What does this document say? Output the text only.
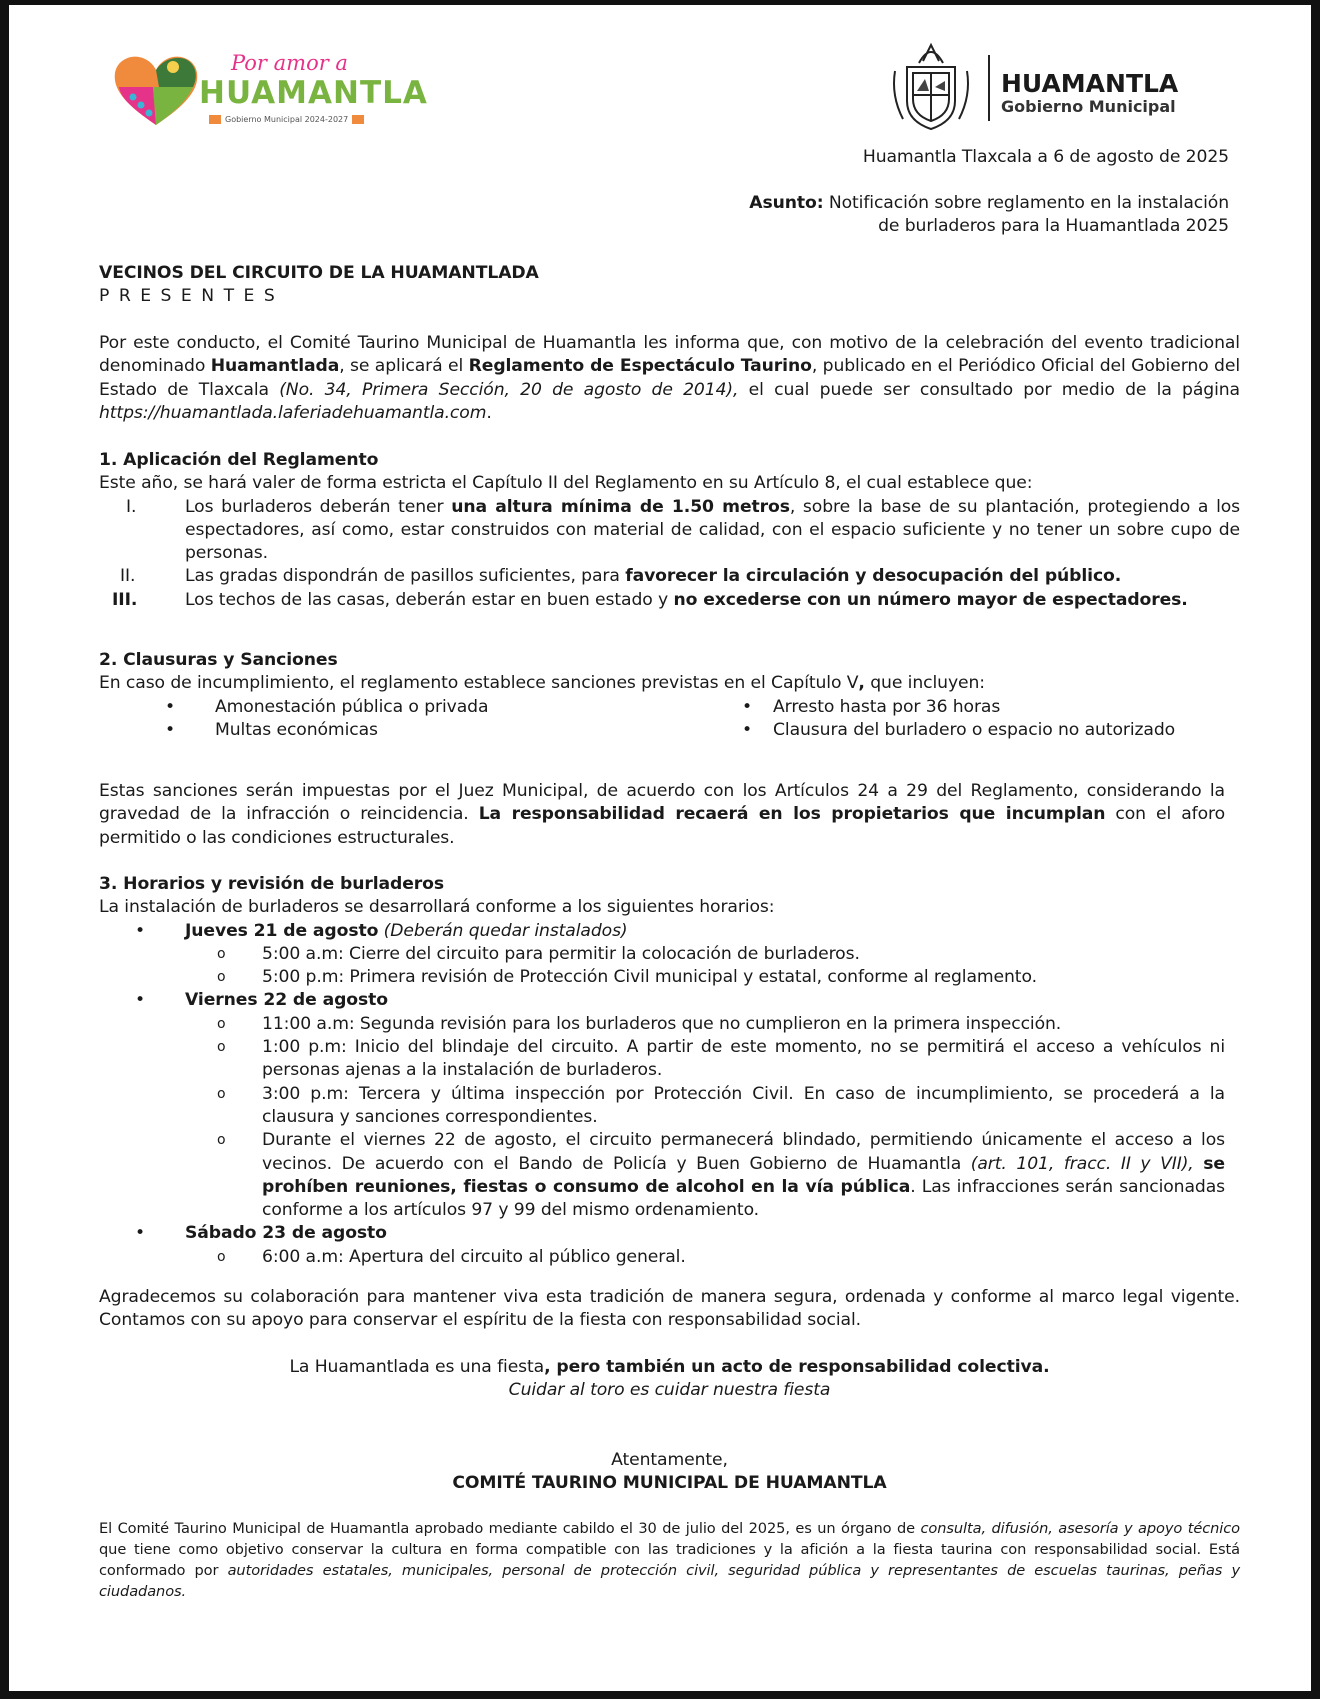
Por amor a
HUAMANTLA
Gobierno Municipal 2024-2027
HUAMANTLA
Gobierno Municipal
Huamantla Tlaxcala a 6 de agosto de 2025
Asunto: Notificación sobre reglamento en la instalación
de burladeros para la Huamantlada 2025
VECINOS DEL CIRCUITO DE LA HUAMANTLADA
P R E S E N T E S
Por este conducto, el Comité Taurino Municipal de Huamantla les informa que, con motivo de la celebración del evento tradicional denominado Huamantlada, se aplicará el Reglamento de Espectáculo Taurino, publicado en el Periódico Oficial del Gobierno del Estado de Tlaxcala (No. 34, Primera Sección, 20 de agosto de 2014), el cual puede ser consultado por medio de la página https://huamantlada.laferiadehuamantla.com.
1. Aplicación del Reglamento
Este año, se hará valer de forma estricta el Capítulo II del Reglamento en su Artículo 8, el cual establece que:
I.	Los burladeros deberán tener una altura mínima de 1.50 metros, sobre la base de su plantación, protegiendo a los espectadores, así como, estar construidos con material de calidad, con el espacio suficiente y no tener un sobre cupo de personas.
II.	Las gradas dispondrán de pasillos suficientes, para favorecer la circulación y desocupación del público.
III.	Los techos de las casas, deberán estar en buen estado y no excederse con un número mayor de espectadores.
2. Clausuras y Sanciones
En caso de incumplimiento, el reglamento establece sanciones previstas en el Capítulo V, que incluyen:
• Amonestación pública o privada
• Multas económicas
• Arresto hasta por 36 horas
• Clausura del burladero o espacio no autorizado
Estas sanciones serán impuestas por el Juez Municipal, de acuerdo con los Artículos 24 a 29 del Reglamento, considerando la gravedad de la infracción o reincidencia. La responsabilidad recaerá en los propietarios que incumplan con el aforo permitido o las condiciones estructurales.
3. Horarios y revisión de burladeros
La instalación de burladeros se desarrollará conforme a los siguientes horarios:
• Jueves 21 de agosto (Deberán quedar instalados)
o 5:00 a.m: Cierre del circuito para permitir la colocación de burladeros.
o 5:00 p.m: Primera revisión de Protección Civil municipal y estatal, conforme al reglamento.
• Viernes 22 de agosto
o 11:00 a.m: Segunda revisión para los burladeros que no cumplieron en la primera inspección.
o 1:00 p.m: Inicio del blindaje del circuito. A partir de este momento, no se permitirá el acceso a vehículos ni personas ajenas a la instalación de burladeros.
o 3:00 p.m: Tercera y última inspección por Protección Civil. En caso de incumplimiento, se procederá a la clausura y sanciones correspondientes.
o Durante el viernes 22 de agosto, el circuito permanecerá blindado, permitiendo únicamente el acceso a los vecinos. De acuerdo con el Bando de Policía y Buen Gobierno de Huamantla (art. 101, fracc. II y VII), se prohíben reuniones, fiestas o consumo de alcohol en la vía pública. Las infracciones serán sancionadas conforme a los artículos 97 y 99 del mismo ordenamiento.
• Sábado 23 de agosto
o 6:00 a.m: Apertura del circuito al público general.
Agradecemos su colaboración para mantener viva esta tradición de manera segura, ordenada y conforme al marco legal vigente. Contamos con su apoyo para conservar el espíritu de la fiesta con responsabilidad social.
La Huamantlada es una fiesta, pero también un acto de responsabilidad colectiva.
Cuidar al toro es cuidar nuestra fiesta
Atentamente,
COMITÉ TAURINO MUNICIPAL DE HUAMANTLA
El Comité Taurino Municipal de Huamantla aprobado mediante cabildo el 30 de julio del 2025, es un órgano de consulta, difusión, asesoría y apoyo técnico que tiene como objetivo conservar la cultura en forma compatible con las tradiciones y la afición a la fiesta taurina con responsabilidad social. Está conformado por autoridades estatales, municipales, personal de protección civil, seguridad pública y representantes de escuelas taurinas, peñas y ciudadanos.
